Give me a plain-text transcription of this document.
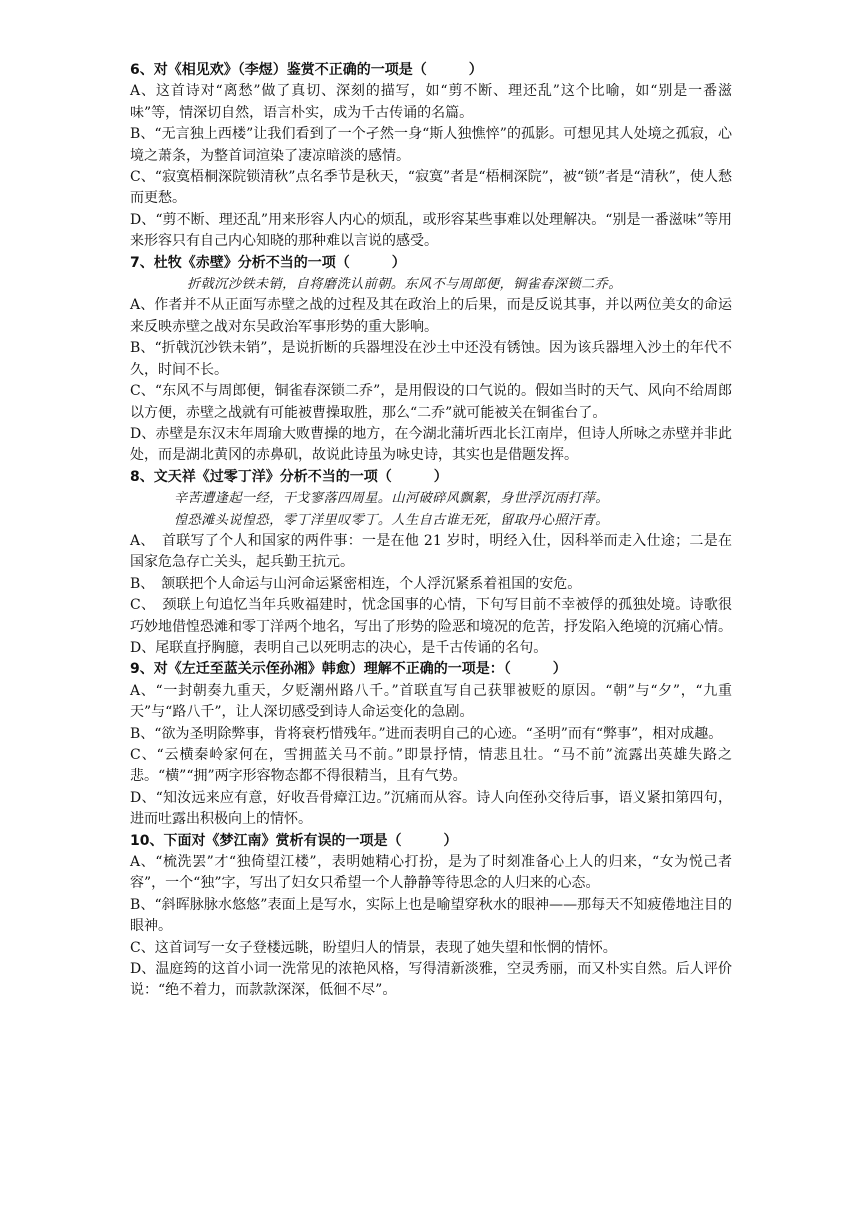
6、对《相见欢》（李煜）鉴赏不正确的一项是（　　　）
A、这首诗对“离愁”做了真切、深刻的描写，如“剪不断、理还乱”这个比喻，如“别是一番滋味”等，情深切自然，语言朴实，成为千古传诵的名篇。
B、“无言独上西楼”让我们看到了一个孑然一身“斯人独憔悴”的孤影。可想见其人处境之孤寂，心境之萧条，为整首词渲染了凄凉暗淡的感情。
C、“寂寞梧桐深院锁清秋”点名季节是秋天，“寂寞”者是“梧桐深院”，被“锁”者是“清秋”，使人愁而更愁。
D、“剪不断、理还乱”用来形容人内心的烦乱，或形容某些事难以处理解决。“别是一番滋味”等用来形容只有自己内心知晓的那种难以言说的感受。
7、杜牧《赤壁》分析不当的一项（　　　）
折戟沉沙铁未销，自将磨洗认前朝。东风不与周郎便，铜雀春深锁二乔。
A、作者并不从正面写赤壁之战的过程及其在政治上的后果，而是反说其事，并以两位美女的命运来反映赤壁之战对东吴政治军事形势的重大影响。
B、“折戟沉沙铁未销”，是说折断的兵器埋没在沙土中还没有锈蚀。因为该兵器埋入沙土的年代不久，时间不长。
C、“东风不与周郎便，铜雀春深锁二乔”，是用假设的口气说的。假如当时的天气、风向不给周郎以方便，赤壁之战就有可能被曹操取胜，那么“二乔”就可能被关在铜雀台了。
D、赤壁是东汉末年周瑜大败曹操的地方，在今湖北蒲圻西北长江南岸，但诗人所咏之赤壁并非此处，而是湖北黄冈的赤鼻矶，故说此诗虽为咏史诗，其实也是借题发挥。
8、文天祥《过零丁洋》分析不当的一项（　　　）
辛苦遭逢起一经，干戈寥落四周星。山河破碎风飘絮，身世浮沉雨打萍。
惶恐滩头说惶恐，零丁洋里叹零丁。人生自古谁无死，留取丹心照汗青。
A、　首联写了个人和国家的两件事：一是在他 21 岁时，明经入仕，因科举而走入仕途；二是在国家危急存亡关头，起兵勤王抗元。
B、　颔联把个人命运与山河命运紧密相连，个人浮沉紧系着祖国的安危。
C、　颈联上句追忆当年兵败福建时，忧念国事的心情，下句写目前不幸被俘的孤独处境。诗歌很巧妙地借惶恐滩和零丁洋两个地名，写出了形势的险恶和境况的危苦，抒发陷入绝境的沉痛心情。
D、尾联直抒胸臆，表明自己以死明志的决心，是千古传诵的名句。
9、对《左迁至蓝关示侄孙湘》韩愈）理解不正确的一项是：（　　　）
A、“一封朝奏九重天，夕贬潮州路八千。”首联直写自己获罪被贬的原因。“朝”与“夕”，“九重天”与“路八千”，让人深切感受到诗人命运变化的急剧。
B、“欲为圣明除弊事，肯将衰朽惜残年。”进而表明自己的心迹。“圣明”而有“弊事”，相对成趣。
C、“云横秦岭家何在，雪拥蓝关马不前。”即景抒情，情悲且壮。“马不前”流露出英雄失路之悲。“横”“拥”两字形容物态都不得很精当，且有气势。
D、“知汝远来应有意，好收吾骨瘴江边。”沉痛而从容。诗人向侄孙交待后事，语义紧扣第四句，进而吐露出积极向上的情怀。
10、下面对《梦江南》赏析有误的一项是（　　　）
A、“梳洗罢”才“独倚望江楼”，表明她精心打扮，是为了时刻准备心上人的归来，“女为悦己者容”，一个“独”字，写出了妇女只希望一个人静静等待思念的人归来的心态。
B、“斜晖脉脉水悠悠”表面上是写水，实际上也是喻望穿秋水的眼神——那每天不知疲倦地注目的眼神。
C、这首词写一女子登楼远眺，盼望归人的情景，表现了她失望和怅惘的情怀。
D、温庭筠的这首小词一洗常见的浓艳风格，写得清新淡雅，空灵秀丽，而又朴实自然。后人评价说：“绝不着力，而款款深深，低徊不尽”。
